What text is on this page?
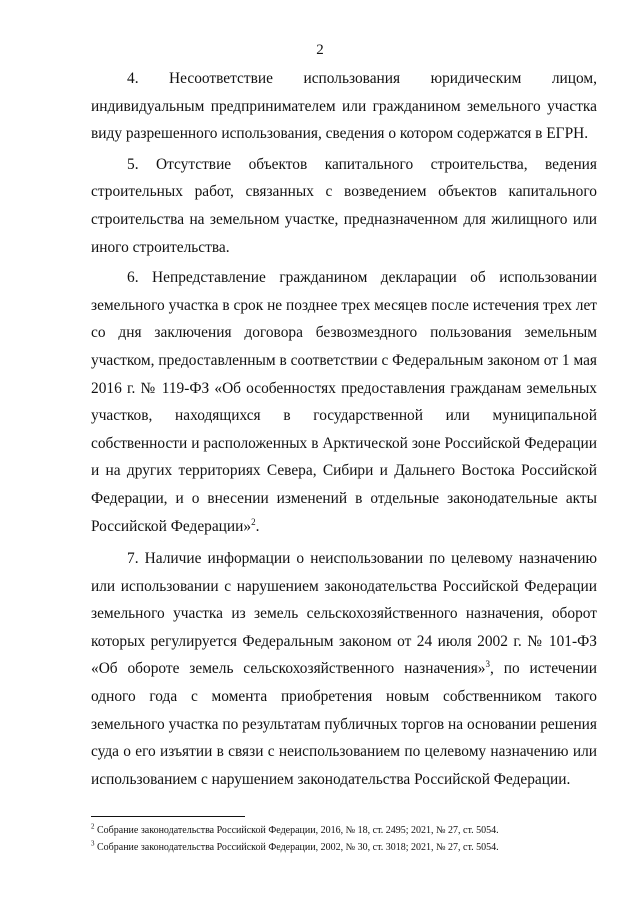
2

4. Несоответствие использования юридическим лицом, индивидуальным предпринимателем или гражданином земельного участка виду разрешенного использования, сведения о котором содержатся в ЕГРН.

5. Отсутствие объектов капитального строительства, ведения строительных работ, связанных с возведением объектов капитального строительства на земельном участке, предназначенном для жилищного или иного строительства.

6. Непредставление гражданином декларации об использовании земельного участка в срок не позднее трех месяцев после истечения трех лет со дня заключения договора безвозмездного пользования земельным участком, предоставленным в соответствии с Федеральным законом от 1 мая 2016 г. № 119-ФЗ «Об особенностях предоставления гражданам земельных участков, находящихся в государственной или муниципальной собственности и расположенных в Арктической зоне Российской Федерации и на других территориях Севера, Сибири и Дальнего Востока Российской Федерации, и о внесении изменений в отдельные законодательные акты Российской Федерации»$^2$.

7. Наличие информации о неиспользовании по целевому назначению или использовании с нарушением законодательства Российской Федерации земельного участка из земель сельскохозяйственного назначения, оборот которых регулируется Федеральным законом от 24 июля 2002 г. № 101-ФЗ «Об обороте земель сельскохозяйственного назначения»$^3$, по истечении одного года с момента приобретения новым собственником такого земельного участка по результатам публичных торгов на основании решения суда о его изъятии в связи с неиспользованием по целевому назначению или использованием с нарушением законодательства Российской Федерации.

$^2$ Собрание законодательства Российской Федерации, 2016, № 18, ст. 2495; 2021, № 27, ст. 5054.

$^3$ Собрание законодательства Российской Федерации, 2002, № 30, ст. 3018; 2021, № 27, ст. 5054.
